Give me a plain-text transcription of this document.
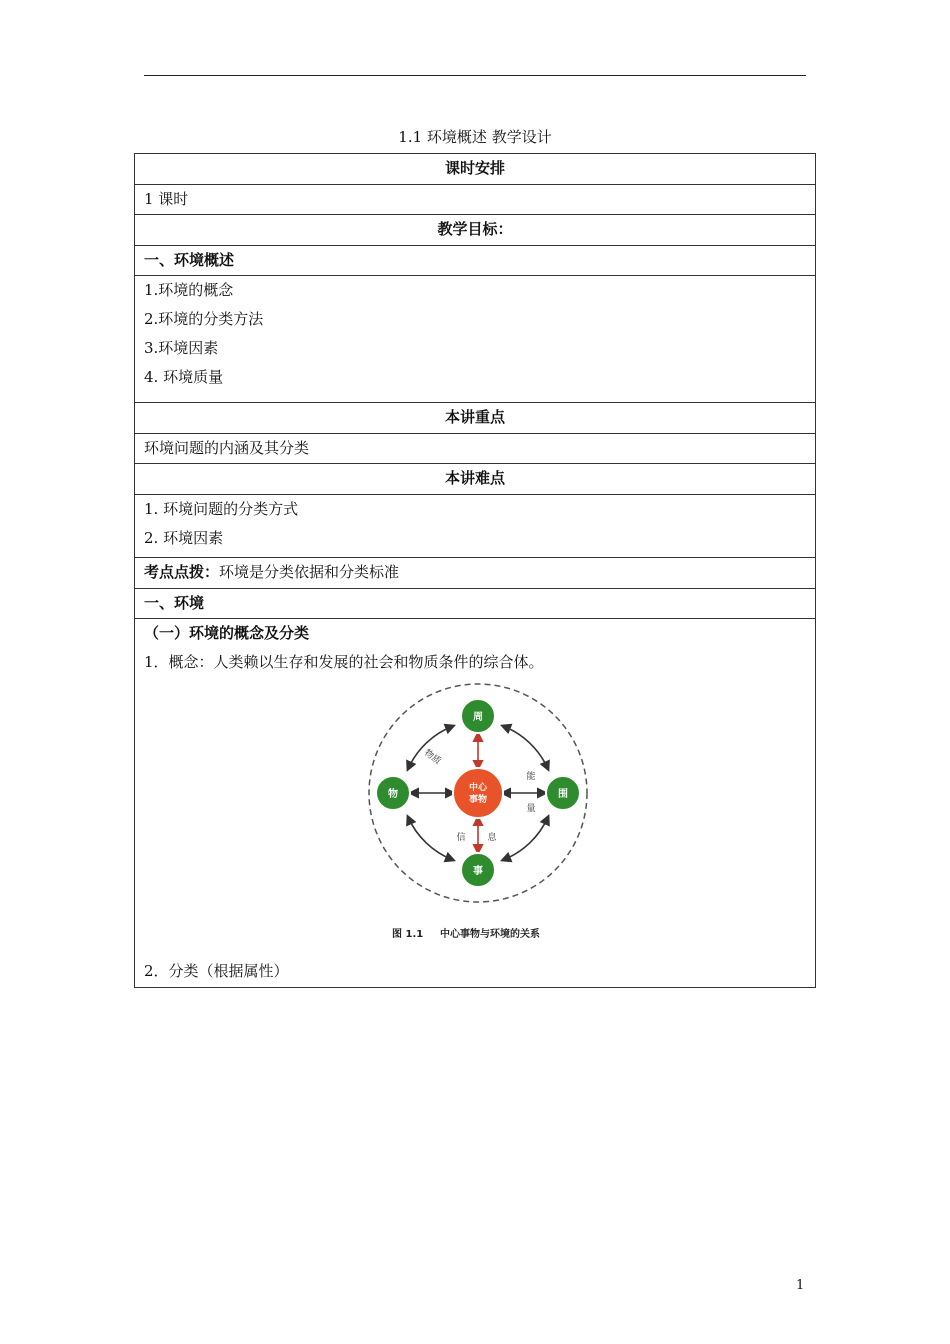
1.1 环境概述 教学设计
课时安排
1 课时
教学目标：
一、环境概述

1.环境的概念
2.环境的分类方法
3.环境因素
4. 环境质量

本讲重点
环境问题的内涵及其分类
本讲难点

1. 环境问题的分类方式
2. 环境因素

考点点拨：环境是分类依据和分类标准
一、环境

（一）环境的概念及分类
1．概念：人类赖以生存和发展的社会和物质条件的综合体。
中心
事物
周
物	围
事
物质
能
量
信 息
图 1.1 中心事物与环境的关系
2．分类（根据属性）
1
